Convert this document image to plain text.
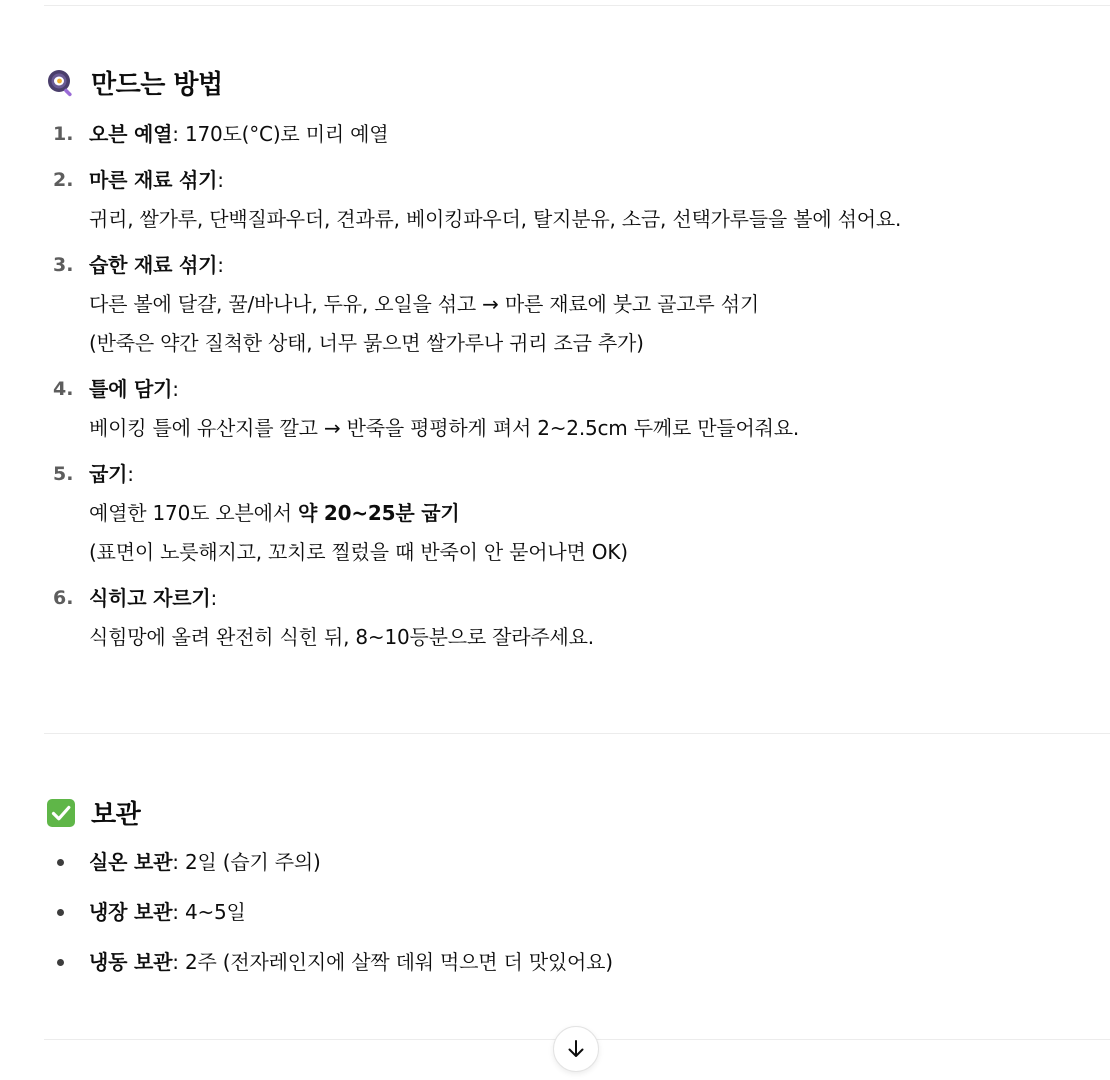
만드는 방법
1. 오븐 예열: 170도(°C)로 미리 예열
2. 마른 재료 섞기:
귀리, 쌀가루, 단백질파우더, 견과류, 베이킹파우더, 탈지분유, 소금, 선택가루들을 볼에 섞어요.
3. 습한 재료 섞기:
다른 볼에 달걀, 꿀/바나나, 두유, 오일을 섞고 → 마른 재료에 붓고 골고루 섞기
(반죽은 약간 질척한 상태, 너무 묽으면 쌀가루나 귀리 조금 추가)
4. 틀에 담기:
베이킹 틀에 유산지를 깔고 → 반죽을 평평하게 펴서 2~2.5cm 두께로 만들어줘요.
5. 굽기:
예열한 170도 오븐에서 약 20~25분 굽기
(표면이 노릇해지고, 꼬치로 찔렀을 때 반죽이 안 묻어나면 OK)
6. 식히고 자르기:
식힘망에 올려 완전히 식힌 뒤, 8~10등분으로 잘라주세요.
보관
실온 보관: 2일 (습기 주의)
냉장 보관: 4~5일
냉동 보관: 2주 (전자레인지에 살짝 데워 먹으면 더 맛있어요)
